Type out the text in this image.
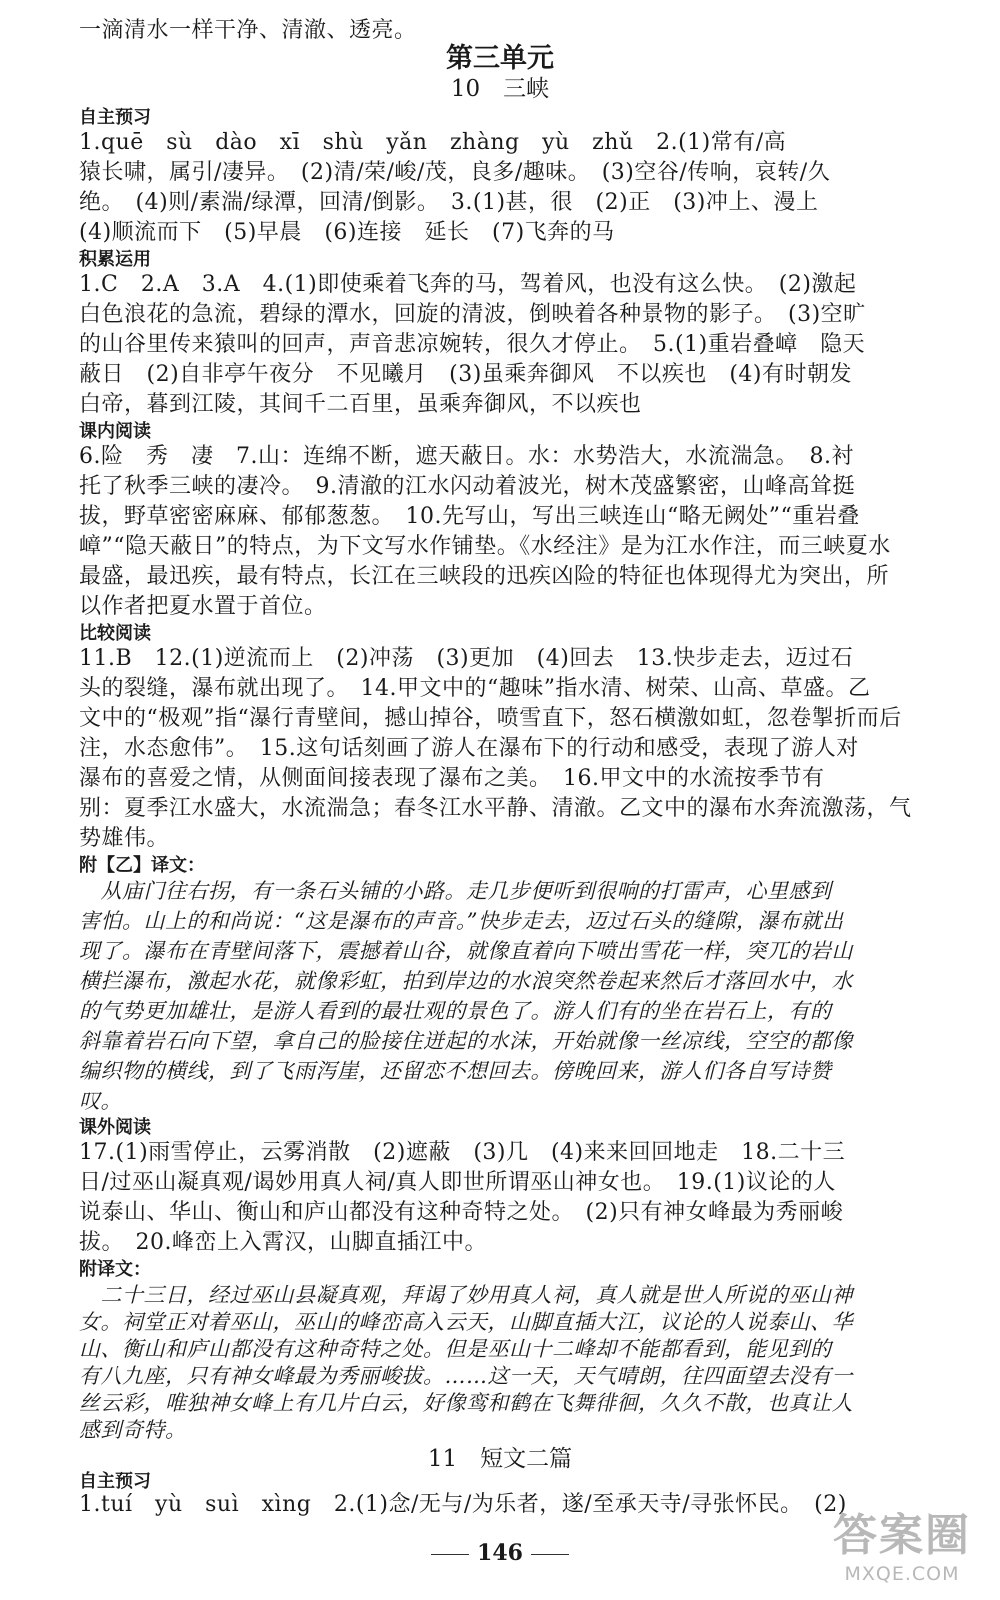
一滴清水一样干净、清澈、透亮。
第三单元
10　三峡
自主预习
1.quē　sù　dào　xī　shù　yǎn　zhàng　yù　zhǔ　2.(1)常有/高
猿长啸，属引/凄异。　(2)清/荣/峻/茂，良多/趣味。　(3)空谷/传响，哀转/久
绝。　(4)则/素湍/绿潭，回清/倒影。　3.(1)甚，很　(2)正　(3)冲上、漫上
(4)顺流而下　(5)早晨　(6)连接　延长　(7)飞奔的马
积累运用
1.C　2.A　3.A　4.(1)即使乘着飞奔的马，驾着风，也没有这么快。　(2)激起
白色浪花的急流，碧绿的潭水，回旋的清波，倒映着各种景物的影子。　(3)空旷
的山谷里传来猿叫的回声，声音悲凉婉转，很久才停止。　5.(1)重岩叠嶂　隐天
蔽日　(2)自非亭午夜分　不见曦月　(3)虽乘奔御风　不以疾也　(4)有时朝发
白帝，暮到江陵，其间千二百里，虽乘奔御风，不以疾也
课内阅读
6.险　秀　凄　7.山：连绵不断，遮天蔽日。水：水势浩大，水流湍急。　8.衬
托了秋季三峡的凄冷。　9.清澈的江水闪动着波光，树木茂盛繁密，山峰高耸挺
拔，野草密密麻麻、郁郁葱葱。　10.先写山，写出三峡连山“略无阙处”“重岩叠
嶂”“隐天蔽日”的特点，为下文写水作铺垫。《水经注》是为江水作注，而三峡夏水
最盛，最迅疾，最有特点，长江在三峡段的迅疾凶险的特征也体现得尤为突出，所
以作者把夏水置于首位。
比较阅读
11.B　12.(1)逆流而上　(2)冲荡　(3)更加　(4)回去　13.快步走去，迈过石
头的裂缝，瀑布就出现了。　14.甲文中的“趣味”指水清、树荣、山高、草盛。乙
文中的“极观”指“瀑行青壁间，撼山掉谷，喷雪直下，怒石横激如虹，忽卷掣折而后
注，水态愈伟”。　15.这句话刻画了游人在瀑布下的行动和感受，表现了游人对
瀑布的喜爱之情，从侧面间接表现了瀑布之美。　16.甲文中的水流按季节有
别：夏季江水盛大，水流湍急；春冬江水平静、清澈。乙文中的瀑布水奔流激荡，气
势雄伟。
附【乙】译文：
　从庙门往右拐，有一条石头铺的小路。走几步便听到很响的打雷声，心里感到
害怕。山上的和尚说：“这是瀑布的声音。”快步走去，迈过石头的缝隙，瀑布就出
现了。瀑布在青壁间落下，震撼着山谷，就像直着向下喷出雪花一样，突兀的岩山
横拦瀑布，激起水花，就像彩虹，拍到岸边的水浪突然卷起来然后才落回水中，水
的气势更加雄壮，是游人看到的最壮观的景色了。游人们有的坐在岩石上，有的
斜靠着岩石向下望，拿自己的脸接住迸起的水沫，开始就像一丝凉线，空空的都像
编织物的横线，到了飞雨泻崖，还留恋不想回去。傍晚回来，游人们各自写诗赞
叹。
课外阅读
17.(1)雨雪停止，云雾消散　(2)遮蔽　(3)几　(4)来来回回地走　18.二十三
日/过巫山凝真观/谒妙用真人祠/真人即世所谓巫山神女也。　19.(1)议论的人
说泰山、华山、衡山和庐山都没有这种奇特之处。　(2)只有神女峰最为秀丽峻
拔。　20.峰峦上入霄汉，山脚直插江中。
附译文：
　二十三日，经过巫山县凝真观，拜谒了妙用真人祠，真人就是世人所说的巫山神
女。祠堂正对着巫山，巫山的峰峦高入云天，山脚直插大江，议论的人说泰山、华
山、衡山和庐山都没有这种奇特之处。但是巫山十二峰却不能都看到，能见到的
有八九座，只有神女峰最为秀丽峻拔。……这一天，天气晴朗，往四面望去没有一
丝云彩，唯独神女峰上有几片白云，好像鸾和鹤在飞舞徘徊，久久不散，也真让人
感到奇特。
11　短文二篇
自主预习
1.tuí　yù　suì　xìng　2.(1)念/无与/为乐者，遂/至承天寺/寻张怀民。　(2)
146	答案圈
MXQE.COM
